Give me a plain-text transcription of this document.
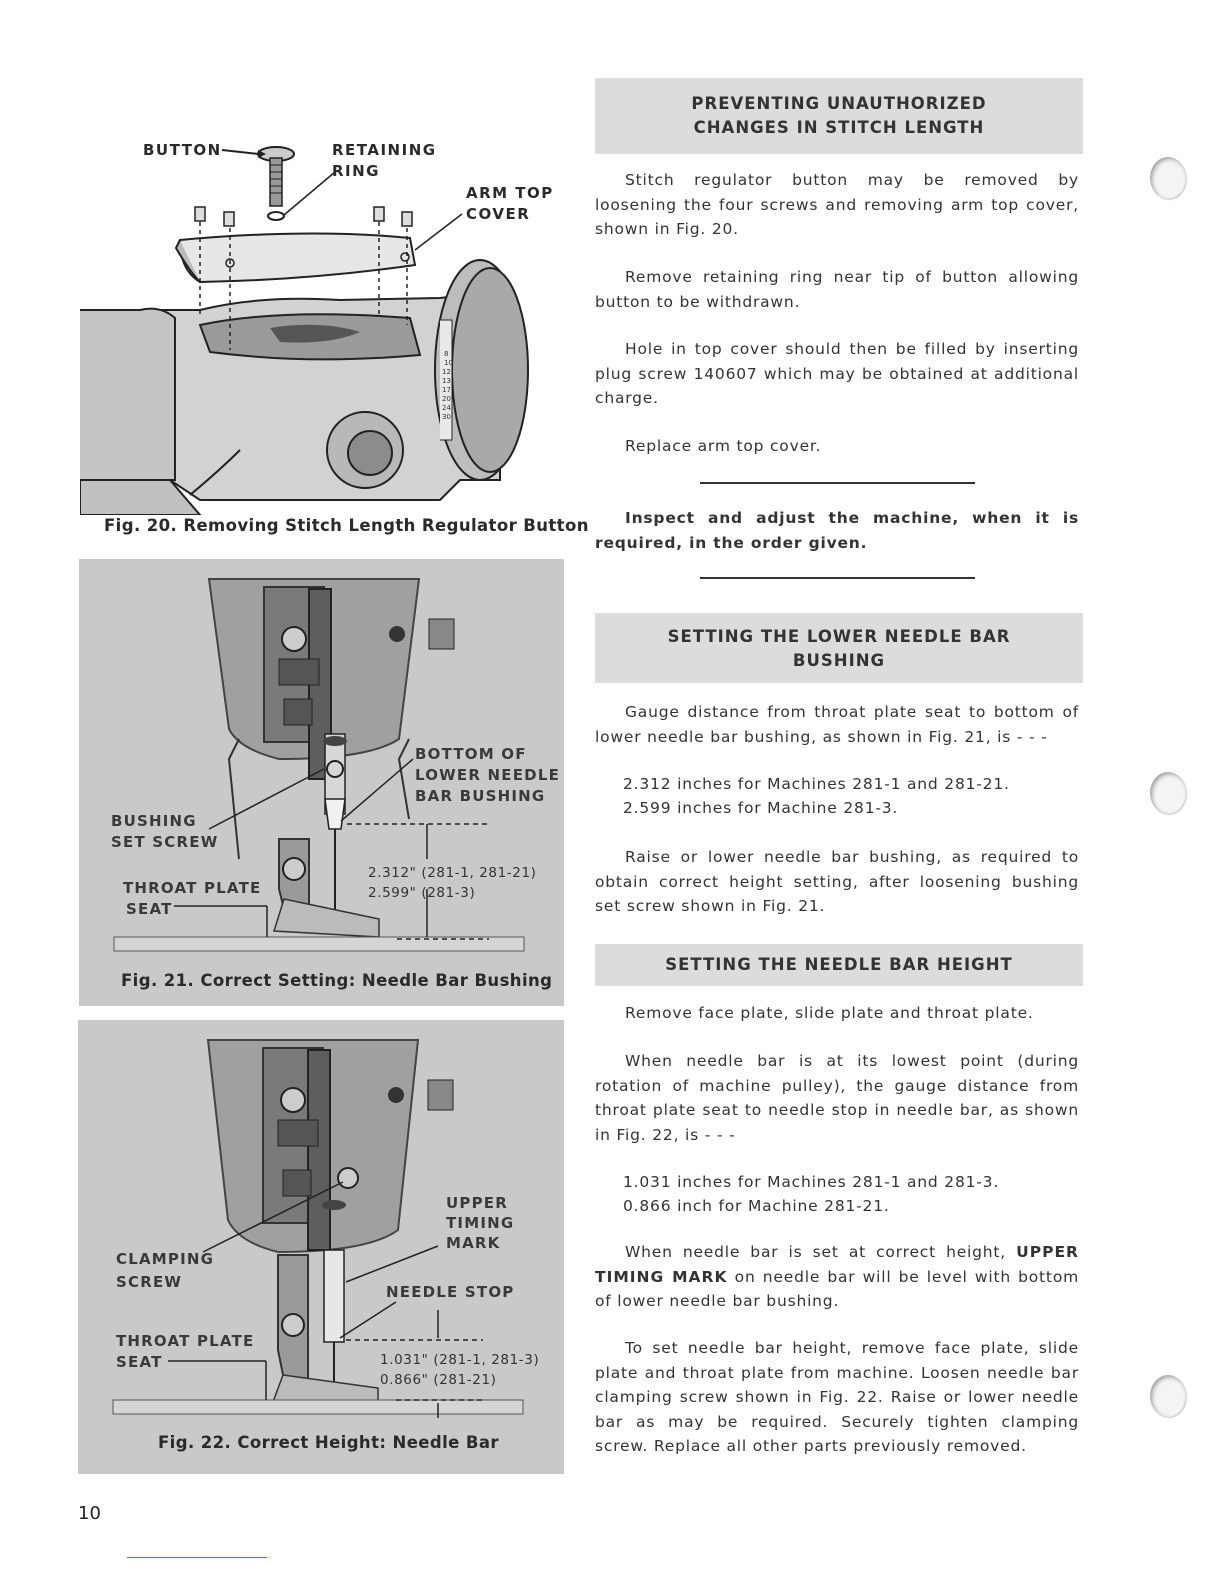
BUTTON	RETAINING
RING
ARM TOP
COVER
8
10
12
13
17
20
24
30
Fig. 20. Removing Stitch Length Regulator Button
BOTTOM OF
LOWER NEEDLE
BAR BUSHING
BUSHING
SET SCREW
THROAT PLATE
SEAT
2.312" (281-1, 281-21)
2.599" (281-3)
Fig. 21. Correct Setting: Needle Bar Bushing
UPPER
TIMING
MARK
CLAMPING
SCREW
NEEDLE STOP
THROAT PLATE
SEAT	1.031" (281-1, 281-3)
0.866" (281-21)
Fig. 22. Correct Height: Needle Bar
PREVENTING UNAUTHORIZED
CHANGES IN STITCH LENGTH
Stitch regulator button may be removed by loosening the four screws and removing arm top cover, shown in Fig. 20.
Remove retaining ring near tip of button allowing button to be withdrawn.
Hole in top cover should then be filled by inserting plug screw 140607 which may be obtained at additional charge.
Replace arm top cover.
Inspect and adjust the machine, when it is required, in the order given.
SETTING THE LOWER NEEDLE BAR
BUSHING
Gauge distance from throat plate seat to bottom of lower needle bar bushing, as shown in Fig. 21, is - - -
2.312 inches for Machines 281-1 and 281-21.
2.599 inches for Machine 281-3.
Raise or lower needle bar bushing, as required to obtain correct height setting, after loosening bushing set screw shown in Fig. 21.
SETTING THE NEEDLE BAR HEIGHT
Remove face plate, slide plate and throat plate.
When needle bar is at its lowest point (during rotation of machine pulley), the gauge distance from throat plate seat to needle stop in needle bar, as shown in Fig. 22, is - - -
1.031 inches for Machines 281-1 and 281-3.
0.866 inch for Machine 281-21.
When needle bar is set at correct height, UPPER TIMING MARK on needle bar will be level with bottom of lower needle bar bushing.
To set needle bar height, remove face plate, slide plate and throat plate from machine. Loosen needle bar clamping screw shown in Fig. 22. Raise or lower needle bar as may be required. Securely tighten clamping screw. Replace all other parts previously removed.
10
